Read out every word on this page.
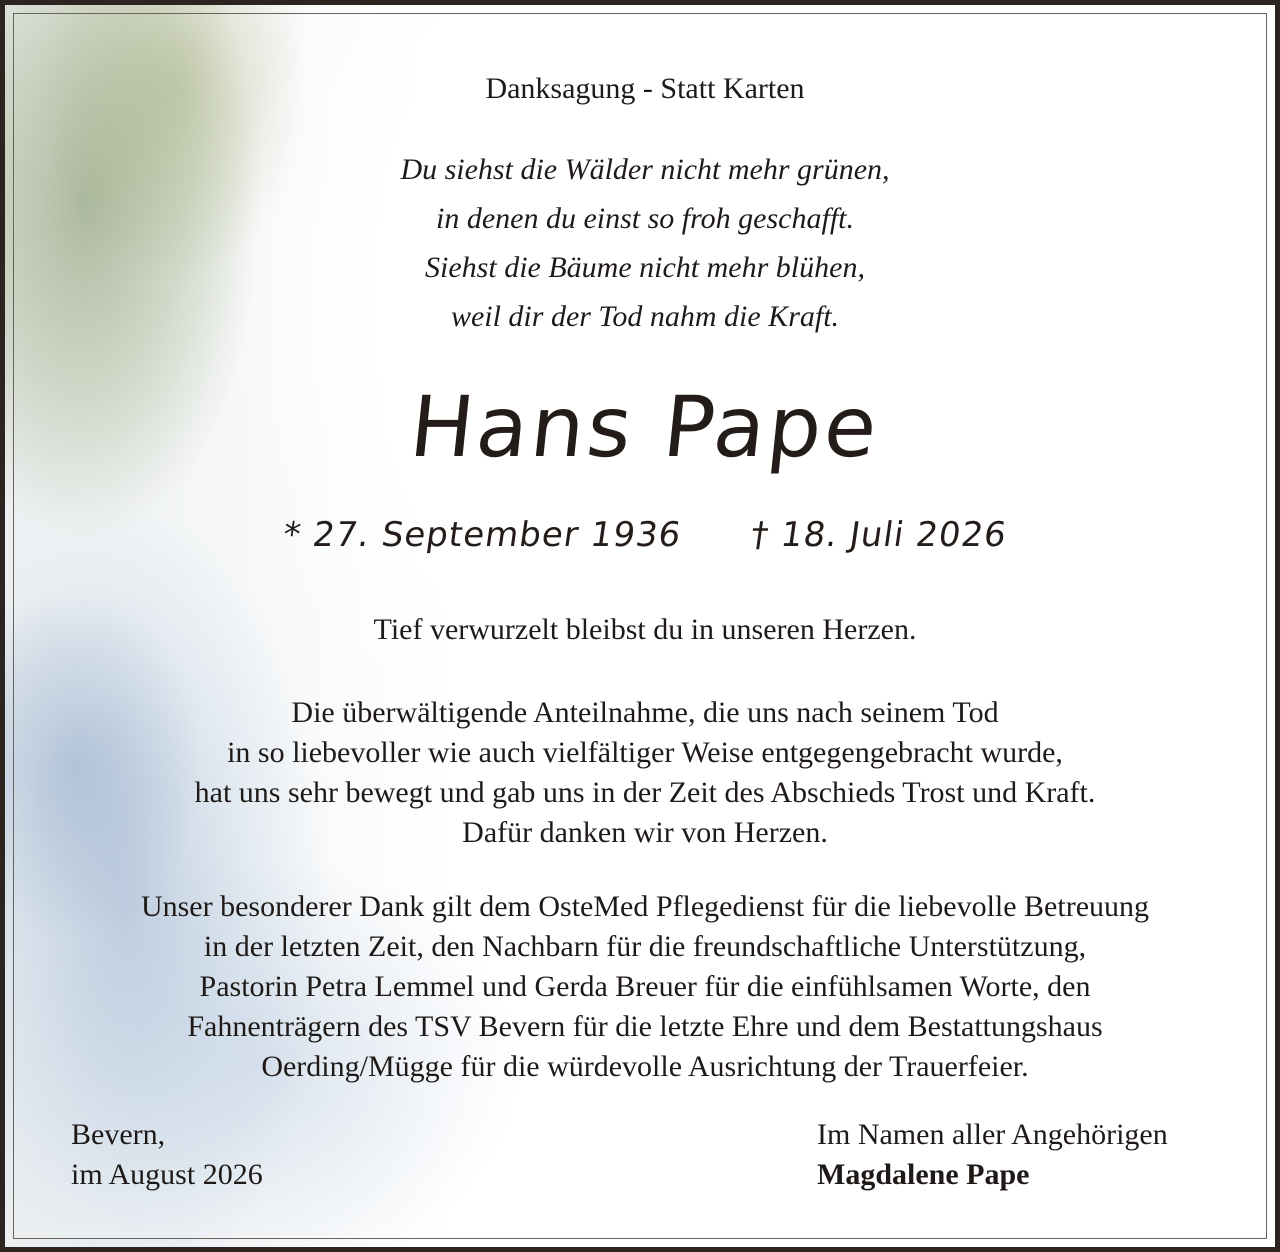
Danksagung - Statt Karten
Du siehst die Wälder nicht mehr grünen,
in denen du einst so froh geschafft.
Siehst die Bäume nicht mehr blühen,
weil dir der Tod nahm die Kraft.
Hans Pape
* 27. September 1936 † 18. Juli 2026
Tief verwurzelt bleibst du in unseren Herzen.
Die überwältigende Anteilnahme, die uns nach seinem Tod
in so liebevoller wie auch vielfältiger Weise entgegengebracht wurde,
hat uns sehr bewegt und gab uns in der Zeit des Abschieds Trost und Kraft.
Dafür danken wir von Herzen.
Unser besonderer Dank gilt dem OsteMed Pflegedienst für die liebevolle Betreuung
in der letzten Zeit, den Nachbarn für die freundschaftliche Unterstützung,
Pastorin Petra Lemmel und Gerda Breuer für die einfühlsamen Worte, den
Fahnenträgern des TSV Bevern für die letzte Ehre und dem Bestattungshaus
Oerding/Mügge für die würdevolle Ausrichtung der Trauerfeier.
Bevern,
im August 2026
Im Namen aller Angehörigen
Magdalene Pape
